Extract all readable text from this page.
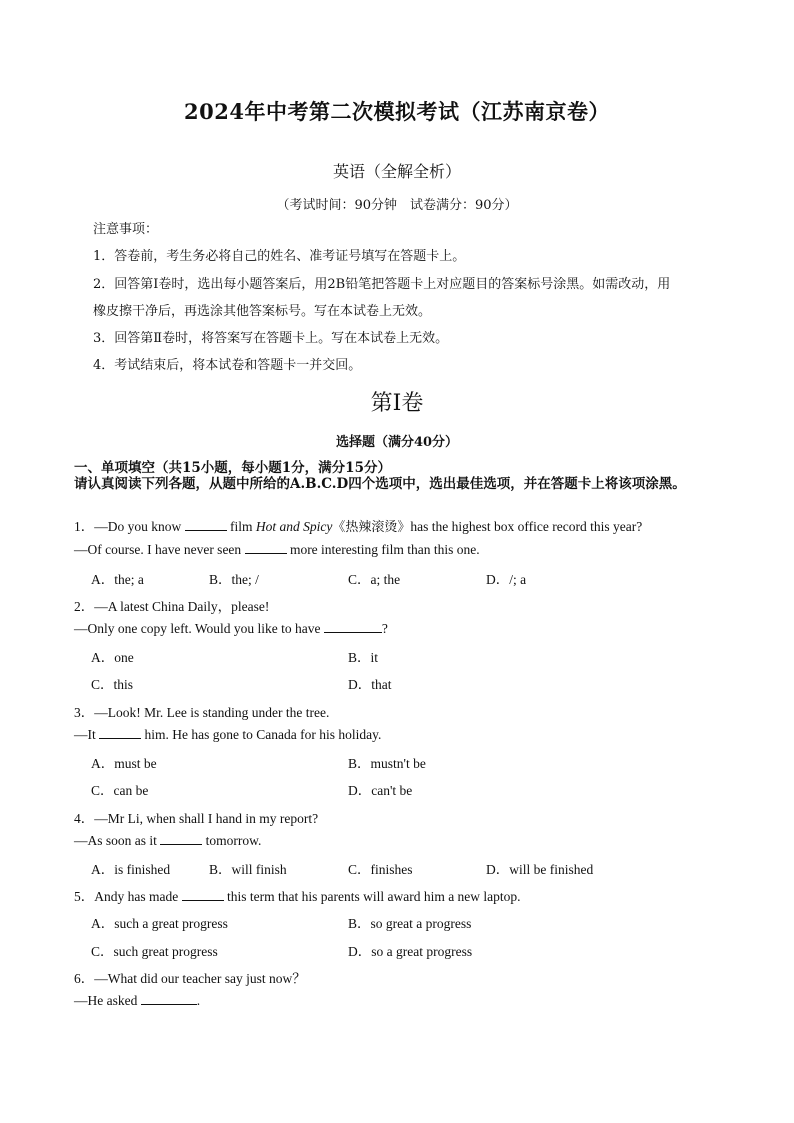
2024年中考第二次模拟考试（江苏南京卷）
英语（全解全析）
（考试时间：90分钟　试卷满分：90分）
注意事项：
1．答卷前，考生务必将自己的姓名、准考证号填写在答题卡上。
2．回答第Ⅰ卷时，选出每小题答案后，用2B铅笔把答题卡上对应题目的答案标号涂黑。如需改动，用
橡皮擦干净后，再选涂其他答案标号。写在本试卷上无效。
3．回答第Ⅱ卷时，将答案写在答题卡上。写在本试卷上无效。
4．考试结束后，将本试卷和答题卡一并交回。
第Ⅰ卷
选择题（满分40分）
一、单项填空（共15小题，每小题1分，满分15分）
请认真阅读下列各题，从题中所给的A.B.C.D四个选项中，选出最佳选项，并在答题卡上将该项涂黑。
1．—Do you know	film Hot and Spicy《热辣滚烫》has the highest box office record this year?
—Of course. I have never seen	more interesting film than this one.
A．the; a	B．the; /	C．a; the	D．/; a
2．—A latest China Daily，please!
—Only one copy left. Would you like to have	?
A．one	B．it
C．this	D．that
3．—Look! Mr. Lee is standing under the tree.
—It	him. He has gone to Canada for his holiday.
A．must be	B．mustn't be
C．can be	D．can't be
4．—Mr Li, when shall I hand in my report?
—As soon as it	tomorrow.
A．is finished	B．will finish	C．finishes	D．will be finished
5．Andy has made	this term that his parents will award him a new laptop.
A．such a great progress	B．so great a progress
C．such great progress	D．so a great progress
6．—What did our teacher say just now？
—He asked	.
